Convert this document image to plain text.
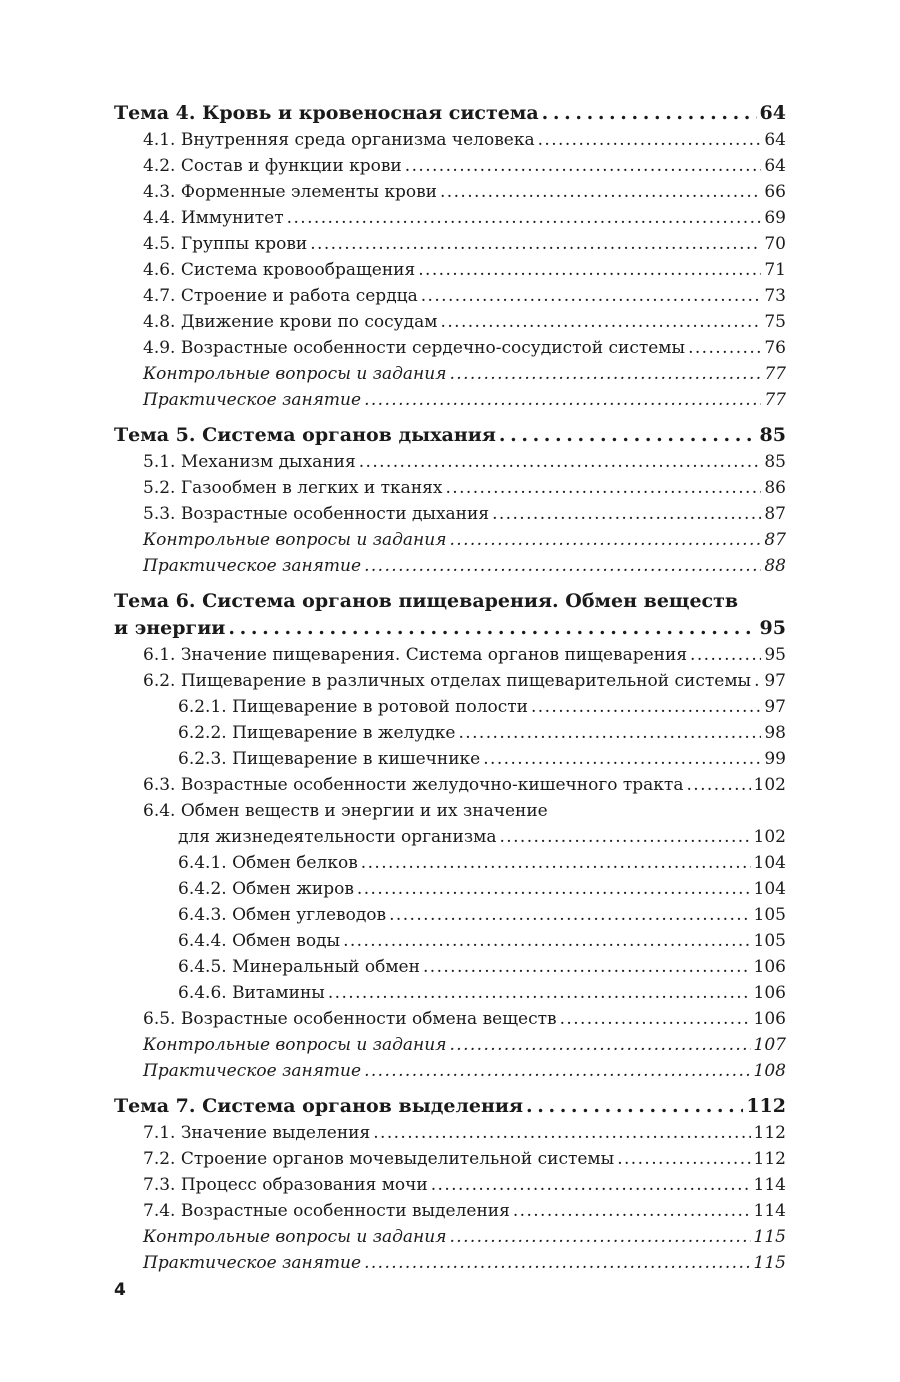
Тема 4. Кровь и кровеносная система . . .	64
4.1. Внутренняя среда организма человека . . .	64
4.2. Состав и функции крови . . .	64
4.3. Форменные элементы крови . . .	66
4.4. Иммунитет . . .	69
4.5. Группы крови . . .	70
4.6. Система кровообращения . . .	71
4.7. Строение и работа сердца . . .	73
4.8. Движение крови по сосудам . . .	75
4.9. Возрастные особенности сердечно-сосудистой системы . . .	76
Контрольные вопросы и задания . . .	77
Практическое занятие . . .	77
Тема 5. Система органов дыхания . . .	85
5.1. Механизм дыхания . . .	85
5.2. Газообмен в легких и тканях . . .	86
5.3. Возрастные особенности дыхания . . .	87
Контрольные вопросы и задания . . .	87
Практическое занятие . . .	88
Тема 6. Система органов пищеварения. Обмен веществ
и энергии . . .	95
6.1. Значение пищеварения. Система органов пищеварения . . .	95
6.2. Пищеварение в различных отделах пищеварительной системы . . . 97
6.2.1. Пищеварение в ротовой полости . . .	97
6.2.2. Пищеварение в желудке . . .	98
6.2.3. Пищеварение в кишечнике . . .	99
6.3. Возрастные особенности желудочно-кишечного тракта . . .	102
6.4. Обмен веществ и энергии и их значение
для жизнедеятельности организма . . .	102
6.4.1. Обмен белков . . .	104
6.4.2. Обмен жиров . . .	104
6.4.3. Обмен углеводов . . .	105
6.4.4. Обмен воды . . .	105
6.4.5. Минеральный обмен . . .	106
6.4.6. Витамины . . .	106
6.5. Возрастные особенности обмена веществ . . .	106
Контрольные вопросы и задания . . .	107
Практическое занятие . . .	108
Тема 7. Система органов выделения . . .	112
7.1. Значение выделения . . .	112
7.2. Строение органов мочевыделительной системы . . .	112
7.3. Процесс образования мочи . . .	114
7.4. Возрастные особенности выделения . . .	114
Контрольные вопросы и задания . . .	115
Практическое занятие . . .	115
4
